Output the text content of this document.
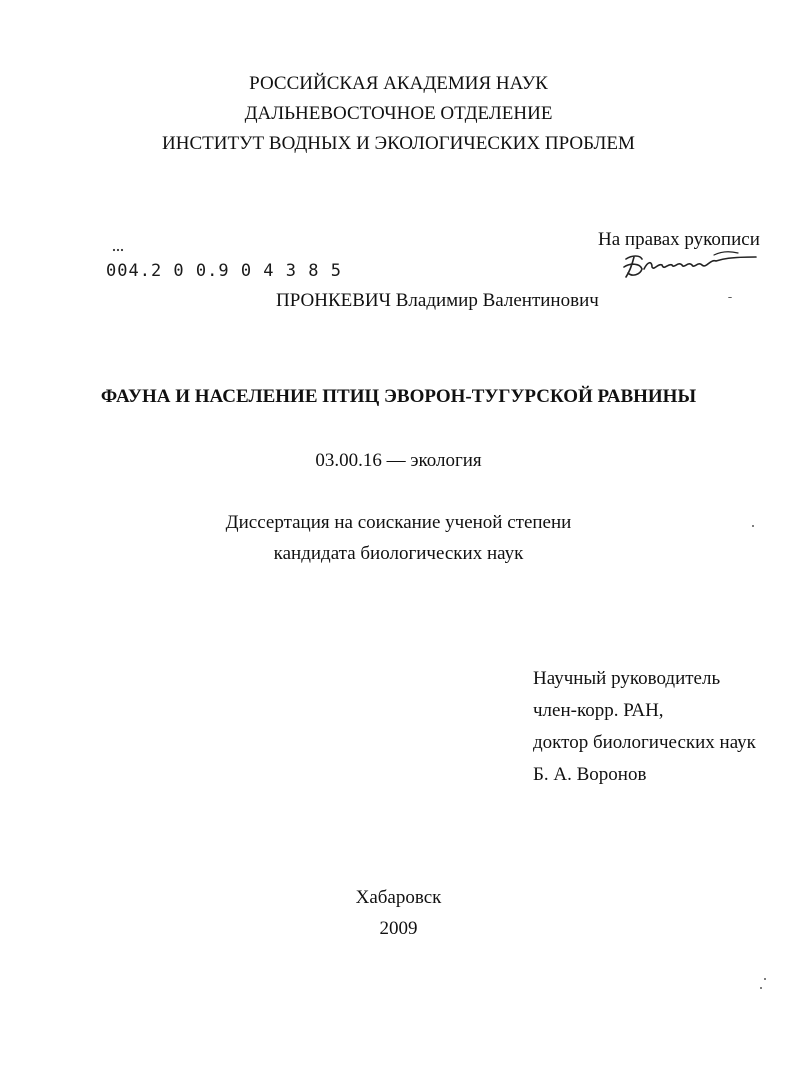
РОССИЙСКАЯ АКАДЕМИЯ НАУК
ДАЛЬНЕВОСТОЧНОЕ ОТДЕЛЕНИЕ
ИНСТИТУТ ВОДНЫХ И ЭКОЛОГИЧЕСКИХ ПРОБЛЕМ
На правах рукописи
004.2 0 0.9 0 4 3 8 5
ПРОНКЕВИЧ Владимир Валентинович
ФАУНА И НАСЕЛЕНИЕ ПТИЦ ЭВОРОН-ТУГУРСКОЙ РАВНИНЫ
03.00.16 — экология
Диссертация на соискание ученой степени
кандидата биологических наук
Научный руководитель
член-корр. РАН,
доктор биологических наук
Б. А. Воронов
Хабаровск
2009
